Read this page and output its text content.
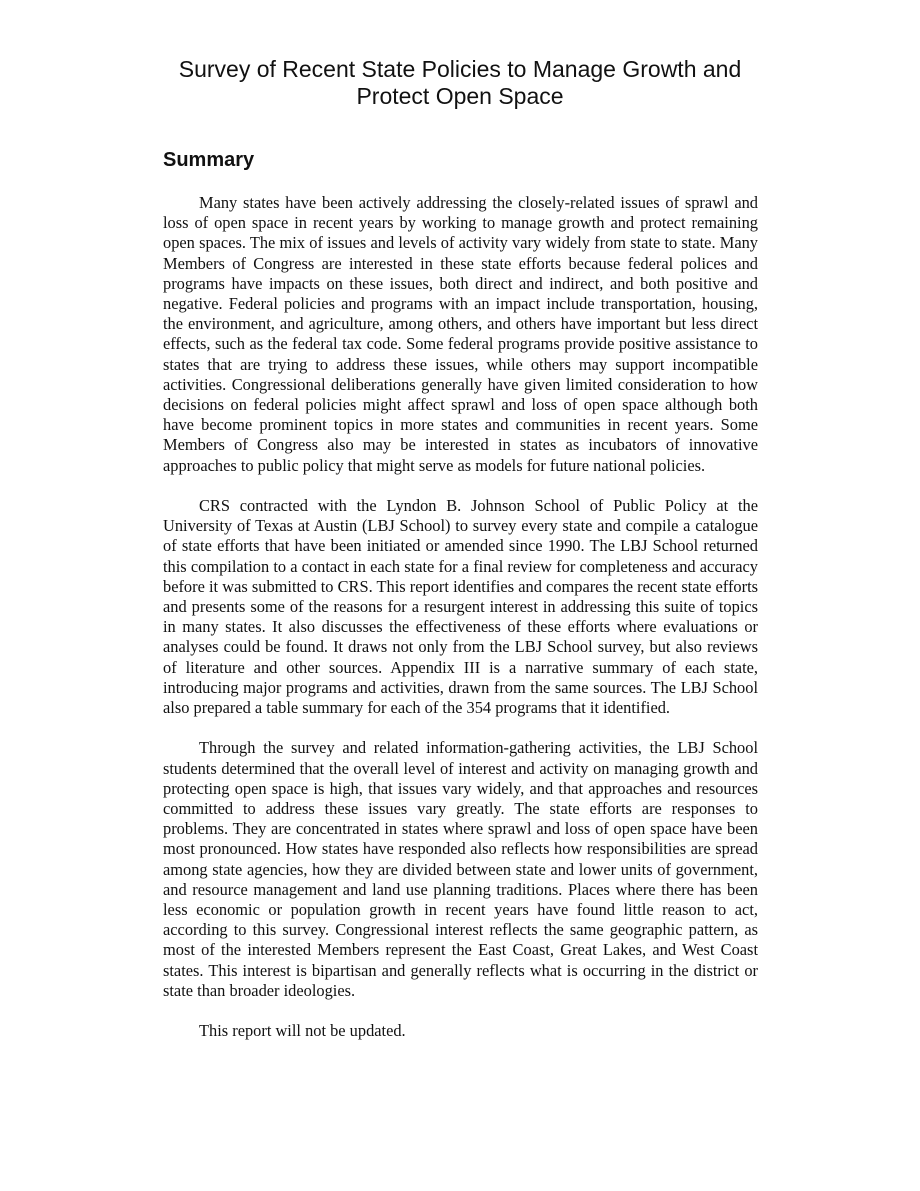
Survey of Recent State Policies to Manage Growth and
Protect Open Space
Summary

Many states have been actively addressing the closely-related issues of sprawl and loss of open space in recent years by working to manage growth and protect remaining open spaces. The mix of issues and levels of activity vary widely from state to state. Many Members of Congress are interested in these state efforts because federal polices and programs have impacts on these issues, both direct and indirect, and both positive and negative. Federal policies and programs with an impact include transportation, housing, the environment, and agriculture, among others, and others have important but less direct effects, such as the federal tax code. Some federal programs provide positive assistance to states that are trying to address these issues, while others may support incompatible activities. Congressional deliberations generally have given limited consideration to how decisions on federal policies might affect sprawl and loss of open space although both have become prominent topics in more states and communities in recent years. Some Members of Congress also may be interested in states as incubators of innovative approaches to public policy that might serve as models for future national policies.

CRS contracted with the Lyndon B. Johnson School of Public Policy at the University of Texas at Austin (LBJ School) to survey every state and compile a catalogue of state efforts that have been initiated or amended since 1990. The LBJ School returned this compilation to a contact in each state for a final review for completeness and accuracy before it was submitted to CRS. This report identifies and compares the recent state efforts and presents some of the reasons for a resurgent interest in addressing this suite of topics in many states. It also discusses the effectiveness of these efforts where evaluations or analyses could be found. It draws not only from the LBJ School survey, but also reviews of literature and other sources. Appendix III is a narrative summary of each state, introducing major programs and activities, drawn from the same sources. The LBJ School also prepared a table summary for each of the 354 programs that it identified.

Through the survey and related information-gathering activities, the LBJ School students determined that the overall level of interest and activity on managing growth and protecting open space is high, that issues vary widely, and that approaches and resources committed to address these issues vary greatly. The state efforts are responses to problems. They are concentrated in states where sprawl and loss of open space have been most pronounced. How states have responded also reflects how responsibilities are spread among state agencies, how they are divided between state and lower units of government, and resource management and land use planning traditions. Places where there has been less economic or population growth in recent years have found little reason to act, according to this survey. Congressional interest reflects the same geographic pattern, as most of the interested Members represent the East Coast, Great Lakes, and West Coast states. This interest is bipartisan and generally reflects what is occurring in the district or state than broader ideologies.

This report will not be updated.
